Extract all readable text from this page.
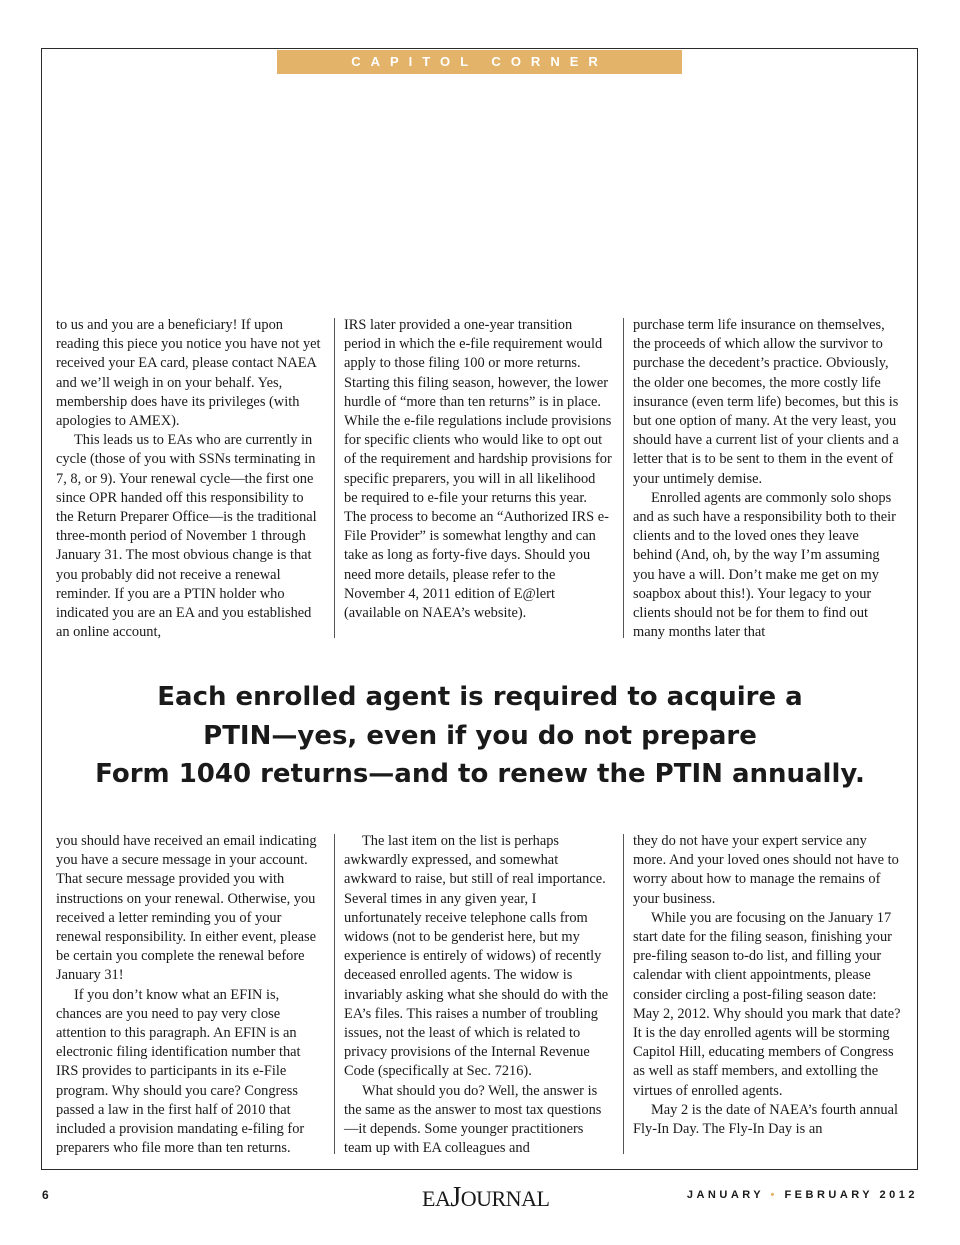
CAPITOL CORNER

to us and you are a beneficiary! If upon reading this piece you notice you have not yet received your EA card, please contact NAEA and we’ll weigh in on your behalf. Yes, membership does have its privileges (with apologies to AMEX).

This leads us to EAs who are currently in cycle (those of you with SSNs terminating in 7, 8, or 9). Your renewal cycle—the first one since OPR handed off this responsibility to the Return Preparer Office—is the traditional three-month period of November 1 through January 31. The most obvious change is that you probably did not receive a renewal reminder. If you are a PTIN holder who indicated you are an EA and you established an online account,

IRS later provided a one-year transition period in which the e-file requirement would apply to those filing 100 or more returns. Starting this filing season, however, the lower hurdle of “more than ten returns” is in place. While the e-file regulations include provisions for specific clients who would like to opt out of the requirement and hardship provisions for specific preparers, you will in all likelihood be required to e-file your returns this year. The process to become an “Authorized IRS e-File Provider” is somewhat lengthy and can take as long as forty-five days. Should you need more details, please refer to the November 4, 2011 edition of E@lert (available on NAEA’s website).

purchase term life insurance on themselves, the proceeds of which allow the survivor to purchase the decedent’s practice. Obviously, the older one becomes, the more costly life insurance (even term life) becomes, but this is but one option of many. At the very least, you should have a current list of your clients and a letter that is to be sent to them in the event of your untimely demise.

Enrolled agents are commonly solo shops and as such have a responsibility both to their clients and to the loved ones they leave behind (And, oh, by the way I’m assuming you have a will. Don’t make me get on my soapbox about this!). Your legacy to your clients should not be for them to find out many months later that

Each enrolled agent is required to acquire a
PTIN—yes, even if you do not prepare
Form 1040 returns—and to renew the PTIN annually.

you should have received an email indicating you have a secure message in your account. That secure message provided you with instructions on your renewal. Otherwise, you received a letter reminding you of your renewal responsibility. In either event, please be certain you complete the renewal before January 31!

If you don’t know what an EFIN is, chances are you need to pay very close attention to this paragraph. An EFIN is an electronic filing identification number that IRS provides to participants in its e-File program. Why should you care? Congress passed a law in the first half of 2010 that included a provision mandating e-filing for preparers who file more than ten returns.

The last item on the list is perhaps awkwardly expressed, and somewhat awkward to raise, but still of real importance. Several times in any given year, I unfortunately receive telephone calls from widows (not to be genderist here, but my experience is entirely of widows) of recently deceased enrolled agents. The widow is invariably asking what she should do with the EA’s files. This raises a number of troubling issues, not the least of which is related to privacy provisions of the Internal Revenue Code (specifically at Sec. 7216).

What should you do? Well, the answer is the same as the answer to most tax questions—it depends. Some younger practitioners team up with EA colleagues and

they do not have your expert service any more. And your loved ones should not have to worry about how to manage the remains of your business.

While you are focusing on the January 17 start date for the filing season, finishing your pre-filing season to-do list, and filling your calendar with client appointments, please consider circling a post-filing season date: May 2, 2012. Why should you mark that date? It is the day enrolled agents will be storming Capitol Hill, educating members of Congress as well as staff members, and extolling the virtues of enrolled agents.

May 2 is the date of NAEA’s fourth annual Fly-In Day. The Fly-In Day is an

6	EAJOURNAL	JANUARY • FEBRUARY 2012
